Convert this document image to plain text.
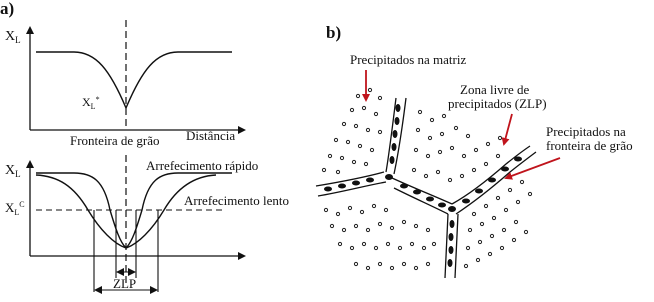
a)
$X_L$
$X_L^*$
Fronteira de grão Distância
$X_L$
$X_L^C$
Arrefecimento rápido
Arrefecimento lento
ZLP
b)
Precipitados na matriz
Zona livre de
precipitados (ZLP)
Precipitados na
fronteira de grão
